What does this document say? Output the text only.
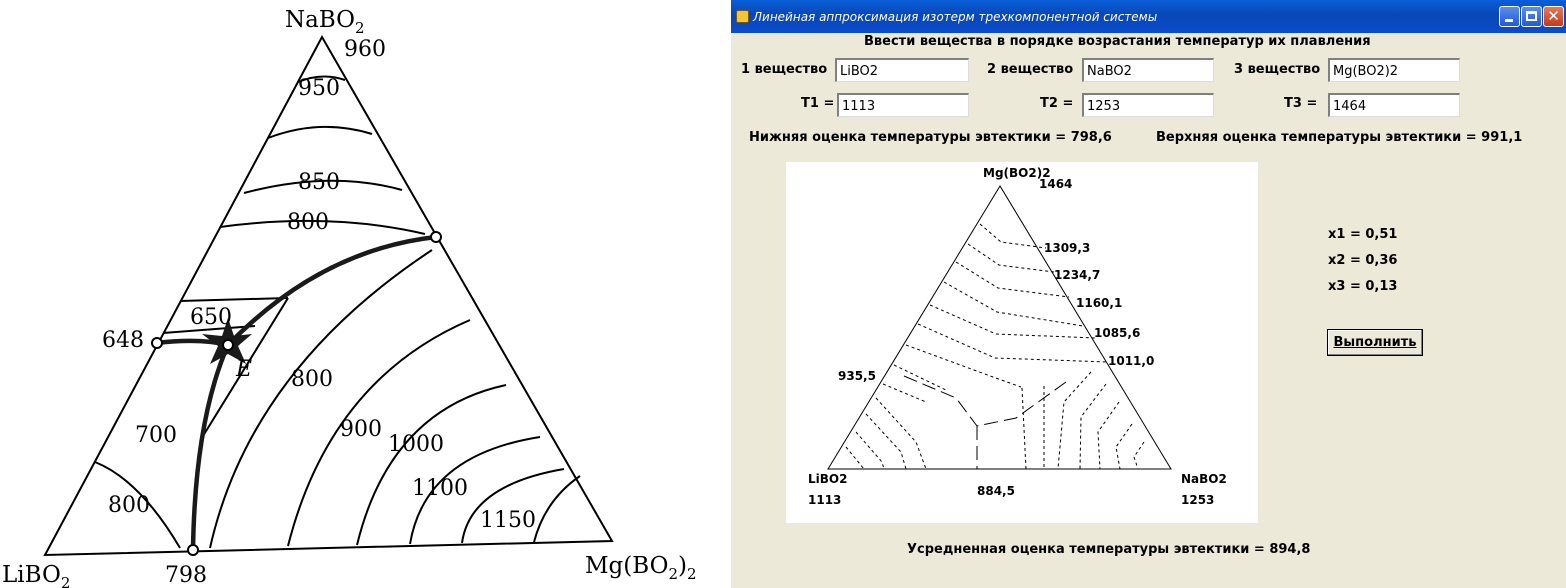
NaBO$_2$
LiBO$_2$
$Mg(BO_2)_2$
960
950
850
800
650
800
900
1000
1100
1150
700
800
648
798
E
Линейная аппроксимация изотерм трехкомпонентной системы	✕
Ввести вещества в порядке возрастания температур их плавления
1 вещество LiBO2	2 вещество	NaBO2	3 вещество Mg(BO2)2
T1 = 1113	T2 =	1253	T3 =	1464
Нижняя оценка температуры эвтектики = 798,6	Верхняя оценка температуры эвтектики = 991,1
Mg(BO2)2
1464
1309,3
1234,7
1160,1
1085,6
1011,0
935,5
LiBO2
1113
884,5
NaBO2
1253
x1 = 0,51
x2 = 0,36
x3 = 0,13
Выполнить
Усредненная оценка температуры эвтектики = 894,8
